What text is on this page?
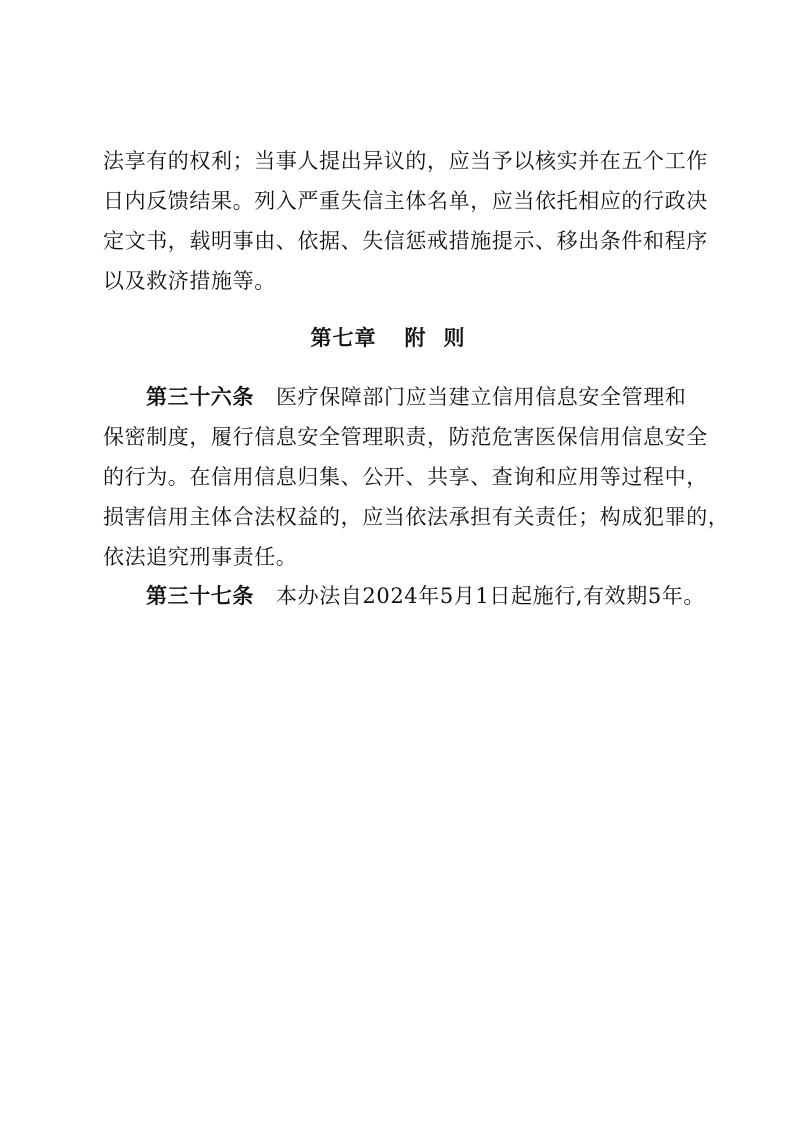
法享有的权利；当事人提出异议的，应当予以核实并在五个工作
日内反馈结果。列入严重失信主体名单，应当依托相应的行政决
定文书，载明事由、依据、失信惩戒措施提示、移出条件和程序
以及救济措施等。
第七章 附则
第三十六条 医疗保障部门应当建立信用信息安全管理和
保密制度，履行信息安全管理职责，防范危害医保信用信息安全
的行为。在信用信息归集、公开、共享、查询和应用等过程中，
损害信用主体合法权益的，应当依法承担有关责任；构成犯罪的，
依法追究刑事责任。
第三十七条 本办法自2024年5月1日起施行,有效期5年。
